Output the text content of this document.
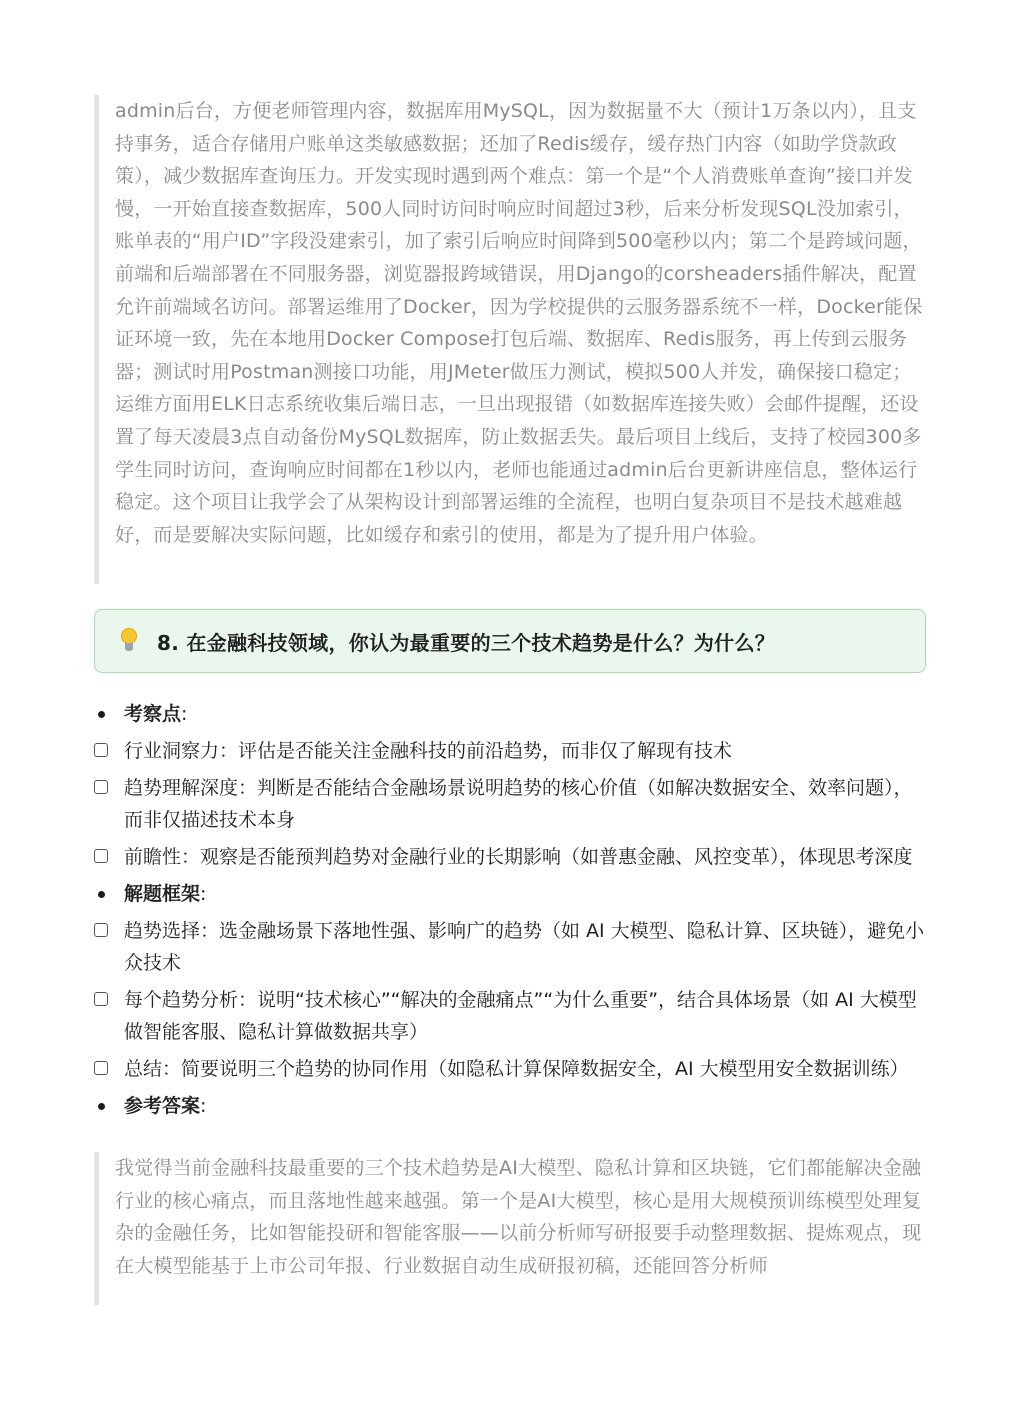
admin后台，方便老师管理内容，数据库用MySQL，因为数据量不大（预计1万条以内），且支持事务，适合存储用户账单这类敏感数据；还加了Redis缓存，缓存热门内容（如助学贷款政策），减少数据库查询压力。开发实现时遇到两个难点：第一个是“个人消费账单查询”接口并发慢，一开始直接查数据库，500人同时访问时响应时间超过3秒，后来分析发现SQL没加索引，账单表的“用户ID”字段没建索引，加了索引后响应时间降到500毫秒以内；第二个是跨域问题，前端和后端部署在不同服务器，浏览器报跨域错误，用Django的corsheaders插件解决，配置允许前端域名访问。部署运维用了Docker，因为学校提供的云服务器系统不一样，Docker能保证环境一致，先在本地用Docker Compose打包后端、数据库、Redis服务，再上传到云服务器；测试时用Postman测接口功能，用JMeter做压力测试，模拟500人并发，确保接口稳定；运维方面用ELK日志系统收集后端日志，一旦出现报错（如数据库连接失败）会邮件提醒，还设置了每天凌晨3点自动备份MySQL数据库，防止数据丢失。最后项目上线后，支持了校园300多学生同时访问，查询响应时间都在1秒以内，老师也能通过admin后台更新讲座信息，整体运行稳定。这个项目让我学会了从架构设计到部署运维的全流程，也明白复杂项目不是技术越难越好，而是要解决实际问题，比如缓存和索引的使用，都是为了提升用户体验。

8. 在金融科技领域，你认为最重要的三个技术趋势是什么？为什么？
考察点:
行业洞察力：评估是否能关注金融科技的前沿趋势，而非仅了解现有技术
趋势理解深度：判断是否能结合金融场景说明趋势的核心价值（如解决数据安全、效率问题），而非仅描述技术本身
前瞻性：观察是否能预判趋势对金融行业的长期影响（如普惠金融、风控变革），体现思考深度
解题框架:
趋势选择：选金融场景下落地性强、影响广的趋势（如 AI 大模型、隐私计算、区块链），避免小众技术
每个趋势分析：说明“技术核心”“解决的金融痛点”“为什么重要”，结合具体场景（如 AI 大模型做智能客服、隐私计算做数据共享）
总结：简要说明三个趋势的协同作用（如隐私计算保障数据安全，AI 大模型用安全数据训练）
参考答案:

我觉得当前金融科技最重要的三个技术趋势是AI大模型、隐私计算和区块链，它们都能解决金融行业的核心痛点，而且落地性越来越强。第一个是AI大模型，核心是用大规模预训练模型处理复杂的金融任务，比如智能投研和智能客服——以前分析师写研报要手动整理数据、提炼观点，现在大模型能基于上市公司年报、行业数据自动生成研报初稿，还能回答分析师
